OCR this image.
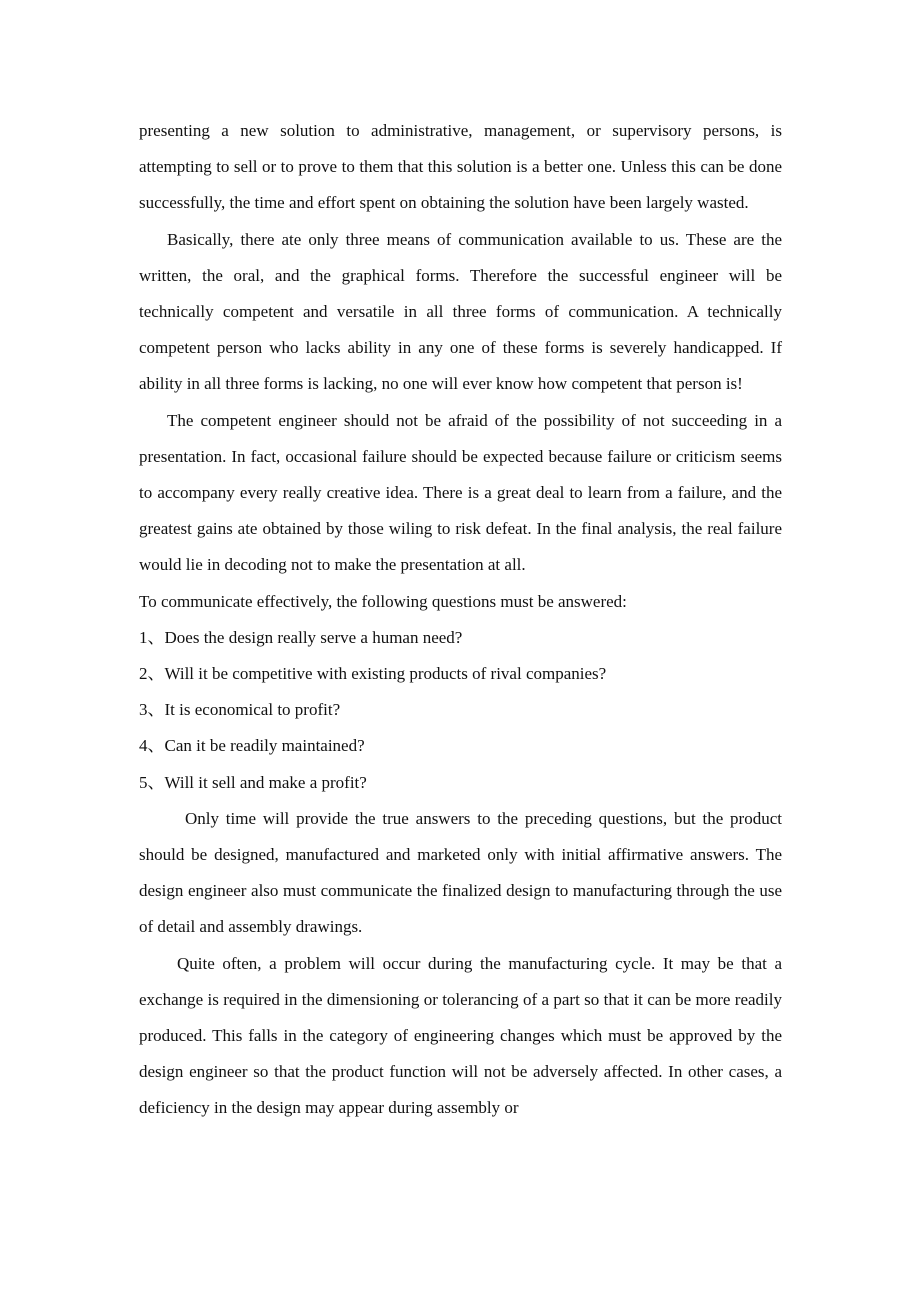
presenting a new solution to administrative, management, or supervisory persons, is attempting to sell or to prove to them that this solution is a better one. Unless this can be done successfully, the time and effort spent on obtaining the solution have been largely wasted.

Basically, there ate only three means of communication available to us. These are the written, the oral, and the graphical forms. Therefore the successful engineer will be technically competent and versatile in all three forms of communication. A technically competent person who lacks ability in any one of these forms is severely handicapped. If ability in all three forms is lacking, no one will ever know how competent that person is!

The competent engineer should not be afraid of the possibility of not succeeding in a presentation. In fact, occasional failure should be expected because failure or criticism seems to accompany every really creative idea. There is a great deal to learn from a failure, and the greatest gains ate obtained by those wiling to risk defeat. In the final analysis, the real failure would lie in decoding not to make the presentation at all.

To communicate effectively, the following questions must be answered:

1、Does the design really serve a human need?
2、Will it be competitive with existing products of rival companies?
3、It is economical to profit?
4、Can it be readily maintained?
5、Will it sell and make a profit?

Only time will provide the true answers to the preceding questions, but the product should be designed, manufactured and marketed only with initial affirmative answers. The design engineer also must communicate the finalized design to manufacturing through the use of detail and assembly drawings.

Quite often, a problem will occur during the manufacturing cycle. It may be that a exchange is required in the dimensioning or tolerancing of a part so that it can be more readily produced. This falls in the category of engineering changes which must be approved by the design engineer so that the product function will not be adversely affected. In other cases, a deficiency in the design may appear during assembly or
